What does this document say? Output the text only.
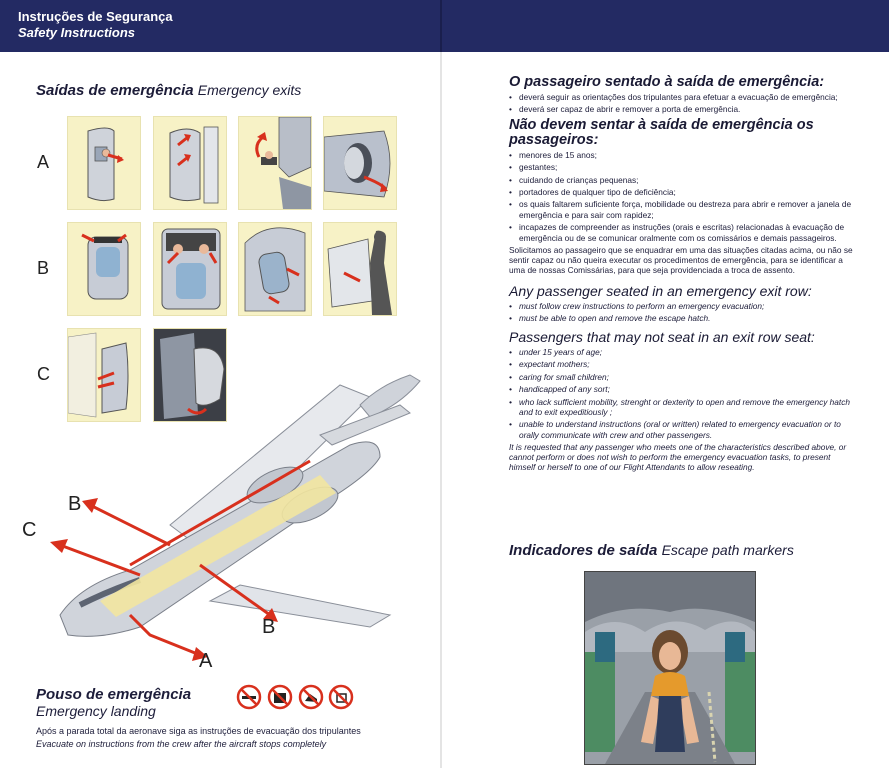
Instruções de Segurança
Safety Instructions
Saídas de emergência Emergency exits
A
B
C
B
C
B
A
Pouso de emergência
Emergency landing
Após a parada total da aeronave siga as instruções de evacuação dos tripulantes
Evacuate on instructions from the crew after the aircraft stops completely
O passageiro sentado à saída de emergência:
• deverá seguir as orientações dos tripulantes para efetuar a evacuação de emergência;
• deverá ser capaz de abrir e remover a porta de emergência.
Não devem sentar à saída de emergência os passageiros:
• menores de 15 anos;
• gestantes;
• cuidando de crianças pequenas;
• portadores de qualquer tipo de deficiência;
• os quais faltarem suficiente força, mobilidade ou destreza para abrir e remover a janela de emergência e para sair com rapidez;
• incapazes de compreender as instruções (orais e escritas) relacionadas à evacuação de emergência ou de se comunicar oralmente com os comissários e demais passageiros.
Solicitamos ao passageiro que se enquadrar em uma das situações citadas acima, ou não se sentir capaz ou não queira executar os procedimentos de emergência, para se identificar a uma de nossas Comissárias, para que seja providenciada a troca de assento.
Any passenger seated in an emergency exit row:
• must follow crew instructions to perform an emergency evacuation;
• must be able to open and remove the escape hatch.
Passengers that may not seat in an exit row seat:
• under 15 years of age;
• expectant mothers;
• caring for small children;
• handicapped of any sort;
• who lack sufficient mobility, strenght or dexterity to open and remove the emergency hatch and to exit expeditiously ;
• unable to understand instructions (oral or written) related to emergency evacuation or to orally communicate with crew and other passengers.
It is requested that any passenger who meets one of the characteristics described above, or cannot perform or does not wish to perform the emergency evacuation tasks, to present himself or herself to one of our Flight Attendants to allow reseating.
Indicadores de saída Escape path markers
